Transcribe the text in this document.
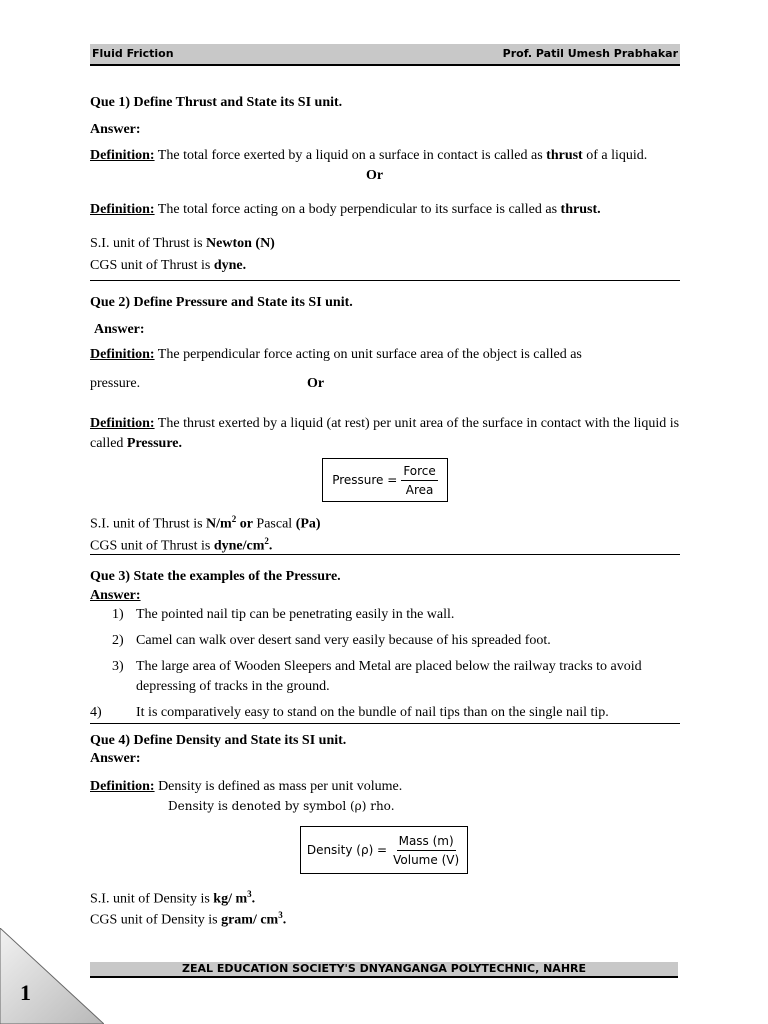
Fluid Friction	Prof. Patil Umesh Prabhakar
Que 1) Define Thrust and State its SI unit.
Answer:
Definition: The total force exerted by a liquid on a surface in contact is called as thrust of a liquid.
Or
Definition: The total force acting on a body perpendicular to its surface is called as thrust.
S.I. unit of Thrust is Newton (N)
CGS unit of Thrust is dyne.
Que 2) Define Pressure and State its SI unit.
Answer:
Definition: The perpendicular force acting on unit surface area of the object is called as
pressure.	Or
Definition: The thrust exerted by a liquid (at rest) per unit area of the surface in contact with the liquid is called Pressure.
Pressure = $\frac{\text{Force}}{\text{Area}}$
S.I. unit of Thrust is $N/m^2$ or Pascal (Pa)
CGS unit of Thrust is dyne/$cm^2$.
Que 3) State the examples of the Pressure.
Answer:
1) The pointed nail tip can be penetrating easily in the wall.
2) Camel can walk over desert sand very easily because of his spreaded foot.
3) The large area of Wooden Sleepers and Metal are placed below the railway tracks to avoid depressing of tracks in the ground.
4) It is comparatively easy to stand on the bundle of nail tips than on the single nail tip.
Que 4) Define Density and State its SI unit.
Answer:
Definition: Density is defined as mass per unit volume.
Density is denoted by symbol (ρ) rho.
Density $(\rho) = \frac{\text{Mass (m)}}{\text{Volume (V)}}$
S.I. unit of Density is kg/ $m^3$.
CGS unit of Density is gram/ $cm^3$.
ZEAL EDUCATION SOCIETY'S DNYANGANGA POLYTECHNIC, NAHRE
1
